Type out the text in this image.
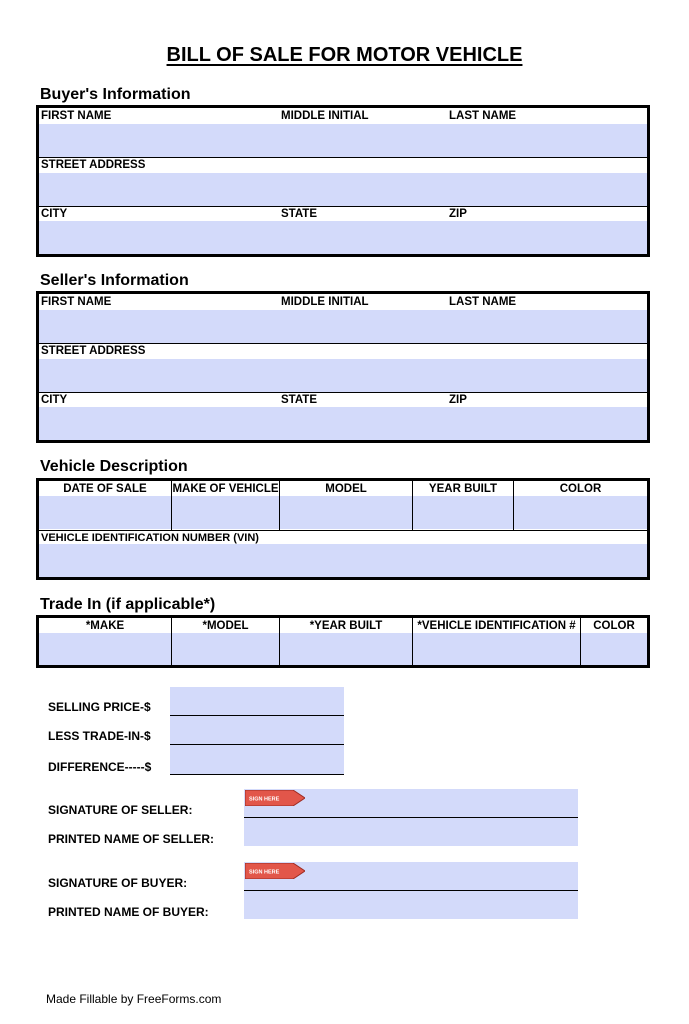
BILL OF SALE FOR MOTOR VEHICLE
Buyer's Information
FIRST NAME	MIDDLE INITIAL	LAST NAME
STREET ADDRESS
CITY	STATE	ZIP
Seller's Information
FIRST NAME	MIDDLE INITIAL	LAST NAME
STREET ADDRESS
CITY	STATE	ZIP
Vehicle Description
DATE OF SALE	MAKE OF VEHICLE	MODEL	YEAR BUILT	COLOR
VEHICLE IDENTIFICATION NUMBER (VIN)
Trade In (if applicable*)
*MAKE	*MODEL	*YEAR BUILT	*VEHICLE IDENTIFICATION #	COLOR
SELLING PRICE-$
LESS TRADE-IN-$
DIFFERENCE-----$
SIGNATURE OF SELLER:
SIGN HERE
PRINTED NAME OF SELLER:
SIGNATURE OF BUYER:
SIGN HERE
PRINTED NAME OF BUYER:
Made Fillable by FreeForms.com
